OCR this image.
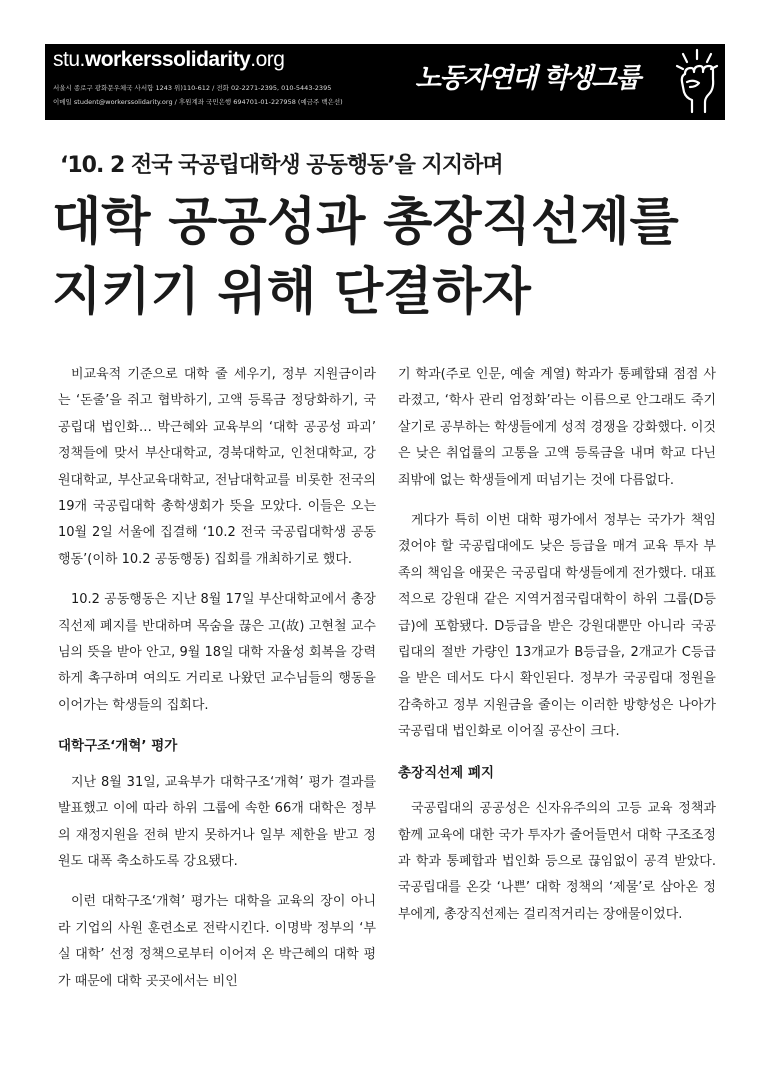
stu.workerssolidarity.org
서울시 종로구 광화문우체국 사서함 1243 위)110-612 / 전화 02-2271-2395, 010-5443-2395
이메일 student@workerssolidarity.org / 후원계좌 국민은행 694701-01-227958 (예금주 백은선)
노동자연대 학생그룹
‘10. 2 전국 국공립대학생 공동행동’을 지지하며
대학 공공성과 총장직선제를
지키기 위해 단결하자

비교육적 기준으로 대학 줄 세우기, 정부 지원금이라는 ‘돈줄’을 쥐고 협박하기, 고액 등록금 정당화하기, 국공립대 법인화… 박근혜와 교육부의 ‘대학 공공성 파괴’ 정책들에 맞서 부산대학교, 경북대학교, 인천대학교, 강원대학교, 부산교육대학교, 전남대학교를 비롯한 전국의 19개 국공립대학 총학생회가 뜻을 모았다. 이들은 오는 10월 2일 서울에 집결해 ‘10.2 전국 국공립대학생 공동행동’(이하 10.2 공동행동) 집회를 개최하기로 했다.

10.2 공동행동은 지난 8월 17일 부산대학교에서 총장직선제 폐지를 반대하며 목숨을 끊은 고(故) 고현철 교수님의 뜻을 받아 안고, 9월 18일 대학 자율성 회복을 강력하게 촉구하며 여의도 거리로 나왔던 교수님들의 행동을 이어가는 학생들의 집회다.

대학구조‘개혁’ 평가

지난 8월 31일, 교육부가 대학구조‘개혁’ 평가 결과를 발표했고 이에 따라 하위 그룹에 속한 66개 대학은 정부의 재정지원을 전혀 받지 못하거나 일부 제한을 받고 정원도 대폭 축소하도록 강요됐다.

이런 대학구조‘개혁’ 평가는 대학을 교육의 장이 아니라 기업의 사원 훈련소로 전락시킨다. 이명박 정부의 ‘부실 대학’ 선정 정책으로부터 이어져 온 박근혜의 대학 평가 때문에 대학 곳곳에서는 비인

기 학과(주로 인문, 예술 계열) 학과가 통폐합돼 점점 사라졌고, ‘학사 관리 엄정화’라는 이름으로 안그래도 죽기살기로 공부하는 학생들에게 성적 경쟁을 강화했다. 이것은 낮은 취업률의 고통을 고액 등록금을 내며 학교 다닌 죄밖에 없는 학생들에게 떠넘기는 것에 다름없다.

게다가 특히 이번 대학 평가에서 정부는 국가가 책임졌어야 할 국공립대에도 낮은 등급을 매겨 교육 투자 부족의 책임을 애꿎은 국공립대 학생들에게 전가했다. 대표적으로 강원대 같은 지역거점국립대학이 하위 그룹(D등급)에 포함됐다. D등급을 받은 강원대뿐만 아니라 국공립대의 절반 가량인 13개교가 B등급을, 2개교가 C등급을 받은 데서도 다시 확인된다. 정부가 국공립대 정원을 감축하고 정부 지원금을 줄이는 이러한 방향성은 나아가 국공립대 법인화로 이어질 공산이 크다.

총장직선제 폐지

국공립대의 공공성은 신자유주의의 고등 교육 정책과 함께 교육에 대한 국가 투자가 줄어들면서 대학 구조조정과 학과 통폐합과 법인화 등으로 끊임없이 공격 받았다. 국공립대를 온갖 ‘나쁜’ 대학 정책의 ‘제물’로 삼아온 정부에게, 총장직선제는 걸리적거리는 장애물이었다.
